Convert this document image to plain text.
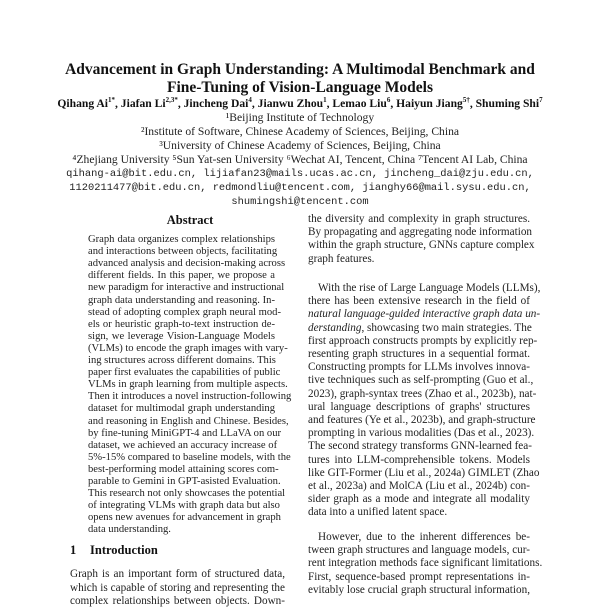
Advancement in Graph Understanding: A Multimodal Benchmark and
Fine-Tuning of Vision-Language Models
Qihang $Ai^{1*}$, Jiafan $Li^{2,3*}$, Jincheng Dai$^4$, Jianwu Zhou$^1$, Lemao Liu$^6$, Haiyun Jiang$^{5\dagger}$, Shuming Shi$^7$
¹Beijing Institute of Technology
²Institute of Software, Chinese Academy of Sciences, Beijing, China
³University of Chinese Academy of Sciences, Beijing, China
⁴Zhejiang University ⁵Sun Yat-sen University ⁶Wechat AI, Tencent, China ⁷Tencent AI Lab, China
qihang-ai@bit.edu.cn, lijiafan23@mails.ucas.ac.cn, jincheng_dai@zju.edu.cn,
1120211477@bit.edu.cn, redmondliu@tencent.com, jianghy66@mail.sysu.edu.cn,
shumingshi@tencent.com
Abstract
Graph data organizes complex relationships
and interactions between objects, facilitating
advanced analysis and decision-making across
different fields. In this paper, we propose a
new paradigm for interactive and instructional
graph data understanding and reasoning. In-
stead of adopting complex graph neural mod-
els or heuristic graph-to-text instruction de-
sign, we leverage Vision-Language Models
(VLMs) to encode the graph images with vary-
ing structures across different domains. This
paper first evaluates the capabilities of public
VLMs in graph learning from multiple aspects.
Then it introduces a novel instruction-following
dataset for multimodal graph understanding
and reasoning in English and Chinese. Besides,
by fine-tuning MiniGPT-4 and LLaVA on our
dataset, we achieved an accuracy increase of
5%-15% compared to baseline models, with the
best-performing model attaining scores com-
parable to Gemini in GPT-asisted Evaluation.
This research not only showcases the potential
of integrating VLMs with graph data but also
opens new avenues for advancement in graph
data understanding.
1 Introduction
Graph is an important form of structured data,
which is capable of storing and representing the
complex relationships between objects. Down-
the diversity and complexity in graph structures.
By propagating and aggregating node information
within the graph structure, GNNs capture complex
graph features.
With the rise of Large Language Models (LLMs),
there has been extensive research in the field of
natural language-guided interactive graph data un-
derstanding, showcasing two main strategies. The
first approach constructs prompts by explicitly rep-
resenting graph structures in a sequential format.
Constructing prompts for LLMs involves innova-
tive techniques such as self-prompting (Guo et al.,
2023), graph-syntax trees (Zhao et al., 2023b), nat-
ural language descriptions of graphs' structures
and features (Ye et al., 2023b), and graph-structure
prompting in various modalities (Das et al., 2023).
The second strategy transforms GNN-learned fea-
tures into LLM-comprehensible tokens. Models
like GIT-Former (Liu et al., 2024a) GIMLET (Zhao
et al., 2023a) and MolCA (Liu et al., 2024b) con-
sider graph as a mode and integrate all modality
data into a unified latent space.
However, due to the inherent differences be-
tween graph structures and language models, cur-
rent integration methods face significant limitations.
First, sequence-based prompt representations in-
evitably lose crucial graph structural information,
